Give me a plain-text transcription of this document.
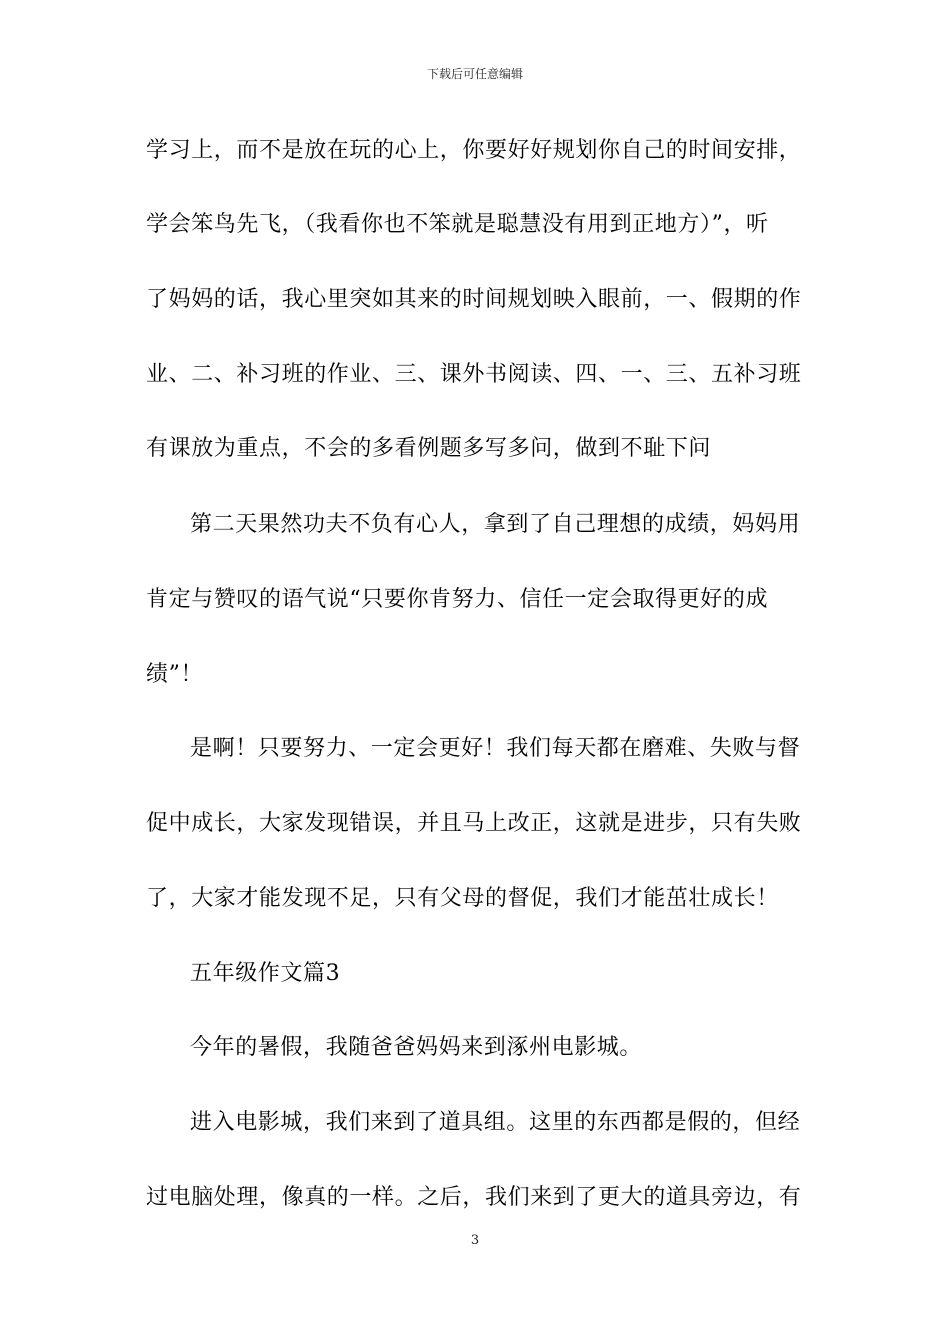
下载后可任意编辑
学习上，而不是放在玩的心上，你要好好规划你自己的时间安排，
学会笨鸟先飞，（我看你也不笨就是聪慧没有用到正地方）”，听
了妈妈的话，我心里突如其来的时间规划映入眼前，一、假期的作
业、二、补习班的作业、三、课外书阅读、四、一、三、五补习班
有课放为重点，不会的多看例题多写多问，做到不耻下问
第二天果然功夫不负有心人，拿到了自己理想的成绩，妈妈用
肯定与赞叹的语气说“只要你肯努力、信任一定会取得更好的成
绩”！
是啊！只要努力、一定会更好！我们每天都在磨难、失败与督
促中成长，大家发现错误，并且马上改正，这就是进步，只有失败
了，大家才能发现不足，只有父母的督促，我们才能茁壮成长！
五年级作文篇3
今年的暑假，我随爸爸妈妈来到涿州电影城。
进入电影城，我们来到了道具组。这里的东西都是假的，但经
过电脑处理，像真的一样。之后，我们来到了更大的道具旁边，有
3
